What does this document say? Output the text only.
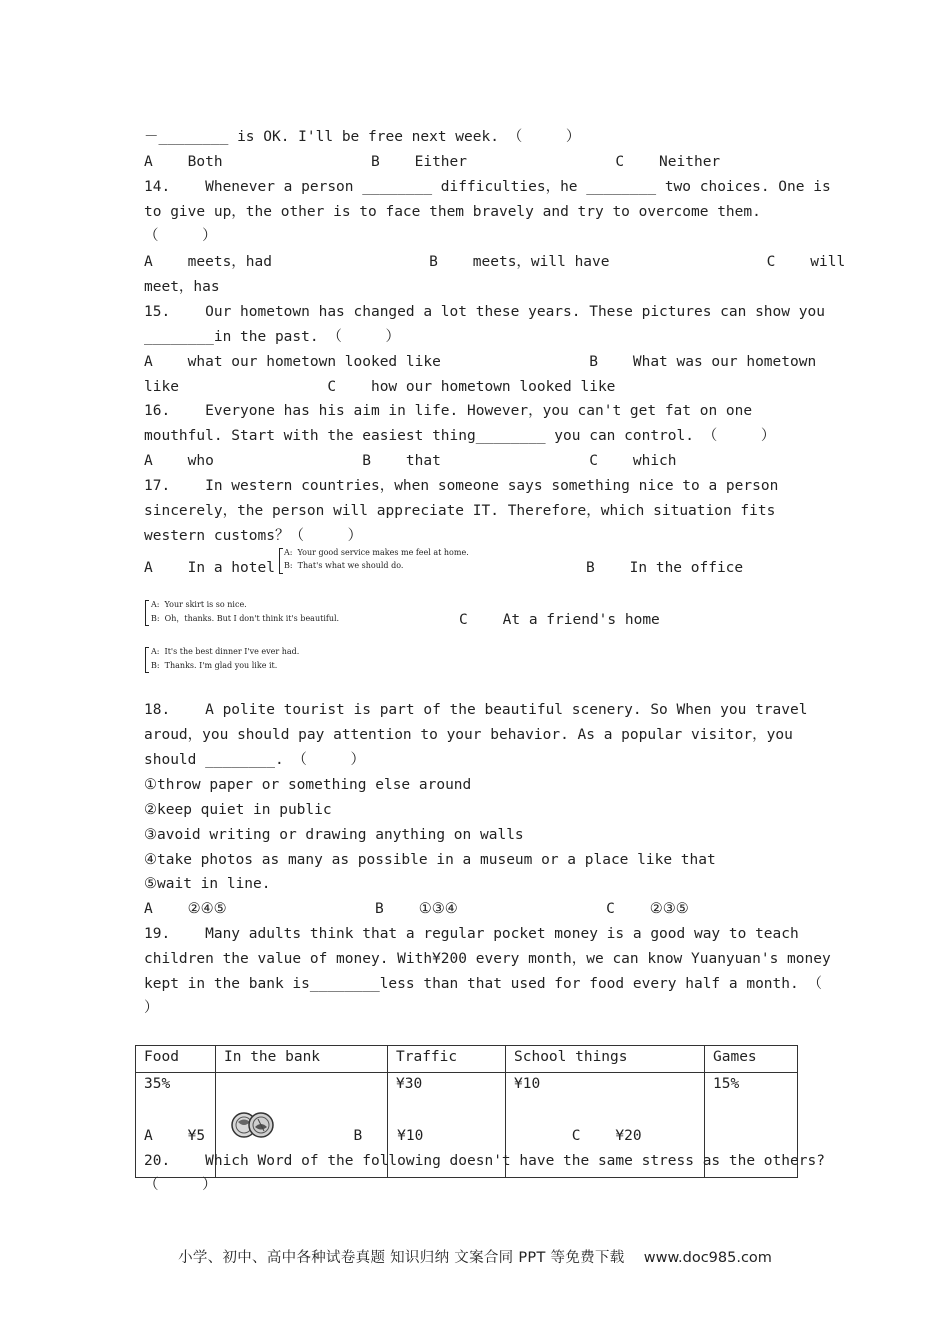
－________ is OK. I'll be free next week. （     ）
A    Both                 B    Either                 C    Neither
14.    Whenever a person ________ difficulties，he ________ two choices. One is
to give up，the other is to face them bravely and try to overcome them.
（     ）
A    meets，had                  B    meets，will have                  C    will
meet，has
15.    Our hometown has changed a lot these years. These pictures can show you
________in the past. （     ）
A    what our hometown looked like                 B    What was our hometown
like                 C    how our hometown looked like
16.    Everyone has his aim in life. However，you can't get fat on one
mouthful. Start with the easiest thing________ you can control. （     ）
A    who                 B    that                 C    which
17.    In western countries，when someone says something nice to a person
sincerely，the person will appreciate IT. Therefore，which situation fits
western customs？（     ）
A    In a hotel
A:  Your good service makes me feel at home.
B:  That's what we should do.	B    In the office
A:  Your skirt is so nice.
B:  Oh，thanks. But I don't think it's beautiful.	C    At a friend's home
A:  It's the best dinner I've ever had.
B:  Thanks. I'm glad you like it.
18.    A polite tourist is part of the beautiful scenery. So When you travel
aroud，you should pay attention to your behavior. As a popular visitor，you
should ________. （     ）
①throw paper or something else around
②keep quiet in public
③avoid writing or drawing anything on walls
④take photos as many as possible in a museum or a place like that
⑤wait in line.
A    ②④⑤                 B    ①③④                 C    ②③⑤
19.    Many adults think that a regular pocket money is a good way to teach
children the value of money. With¥200 every month，we can know Yuanyuan's money
kept in the bank is________less than that used for food every half a month. （
）
Food	In the bank	Traffic	School things	Games
35%		¥30	¥10	15%
A    ¥5                 B    ¥10                 C    ¥20
20.    Which Word of the following doesn't have the same stress as the others?
（     ）
小学、初中、高中各种试卷真题 知识归纳 文案合同 PPT 等免费下载 www.doc985.com
